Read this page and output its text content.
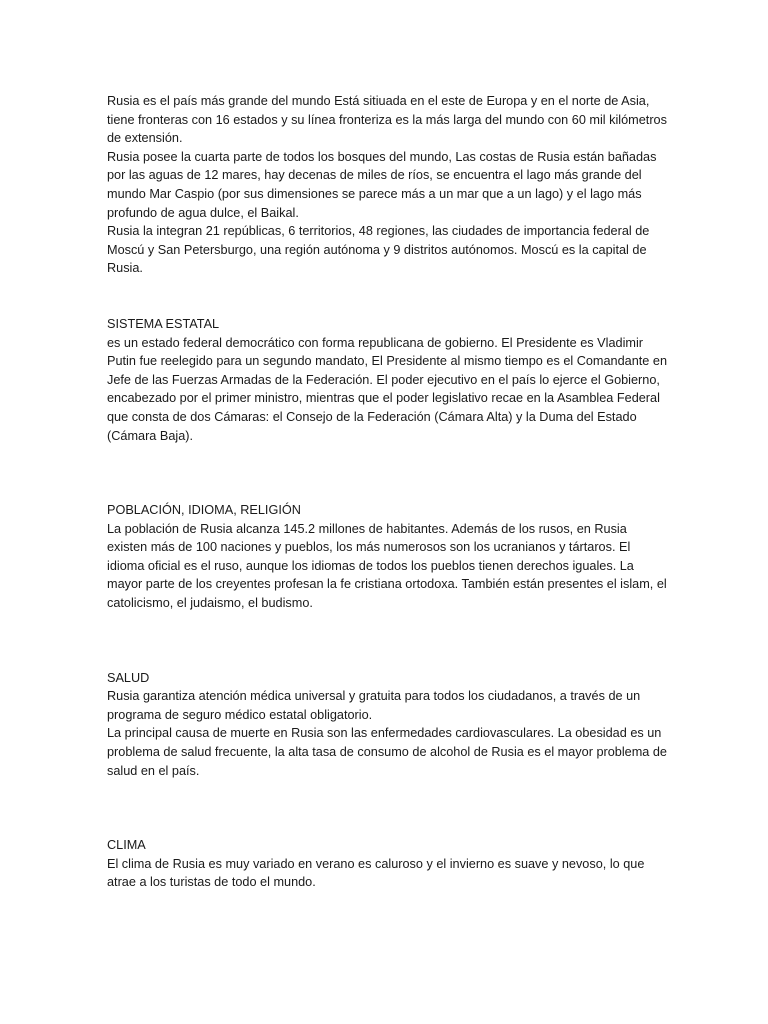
Rusia es el país más grande del mundo Está sitiuada en el este de Europa y en el norte de Asia, tiene fronteras con 16 estados y su línea fronteriza es la más larga del mundo con 60 mil kilómetros de extensión.

Rusia posee la cuarta parte de todos los bosques del mundo, Las costas de Rusia están bañadas por las aguas de 12 mares, hay decenas de miles de ríos, se encuentra el lago más grande del mundo Mar Caspio (por sus dimensiones se parece más a un mar que a un lago) y el lago más profundo de agua dulce, el Baikal.

Rusia la integran 21 repúblicas, 6 territorios, 48 regiones, las ciudades de importancia federal de Moscú y San Petersburgo, una región autónoma y 9 distritos autónomos. Moscú es la capital de Rusia.

SISTEMA ESTATAL

es un estado federal democrático con forma republicana de gobierno. El Presidente es Vladimir Putin fue reelegido para un segundo mandato, El Presidente al mismo tiempo es el Comandante en Jefe de las Fuerzas Armadas de la Federación. El poder ejecutivo en el país lo ejerce el Gobierno, encabezado por el primer ministro, mientras que el poder legislativo recae en la Asamblea Federal que consta de dos Cámaras: el Consejo de la Federación (Cámara Alta) y la Duma del Estado (Cámara Baja).

POBLACIÓN, IDIOMA, RELIGIÓN

La población de Rusia alcanza 145.2 millones de habitantes. Además de los rusos, en Rusia existen más de 100 naciones y pueblos, los más numerosos son los ucranianos y tártaros. El idioma oficial es el ruso, aunque los idiomas de todos los pueblos tienen derechos iguales. La mayor parte de los creyentes profesan la fe cristiana ortodoxa. También están presentes el islam, el catolicismo, el judaismo, el budismo.

SALUD

Rusia garantiza atención médica universal y gratuita para todos los ciudadanos, a través de un programa de seguro médico estatal obligatorio.

La principal causa de muerte en Rusia son las enfermedades cardiovasculares. La obesidad es un problema de salud frecuente, la alta tasa de consumo de alcohol de Rusia es el mayor problema de salud en el país.

CLIMA

El clima de Rusia es muy variado en verano es caluroso y el invierno es suave y nevoso, lo que atrae a los turistas de todo el mundo.
